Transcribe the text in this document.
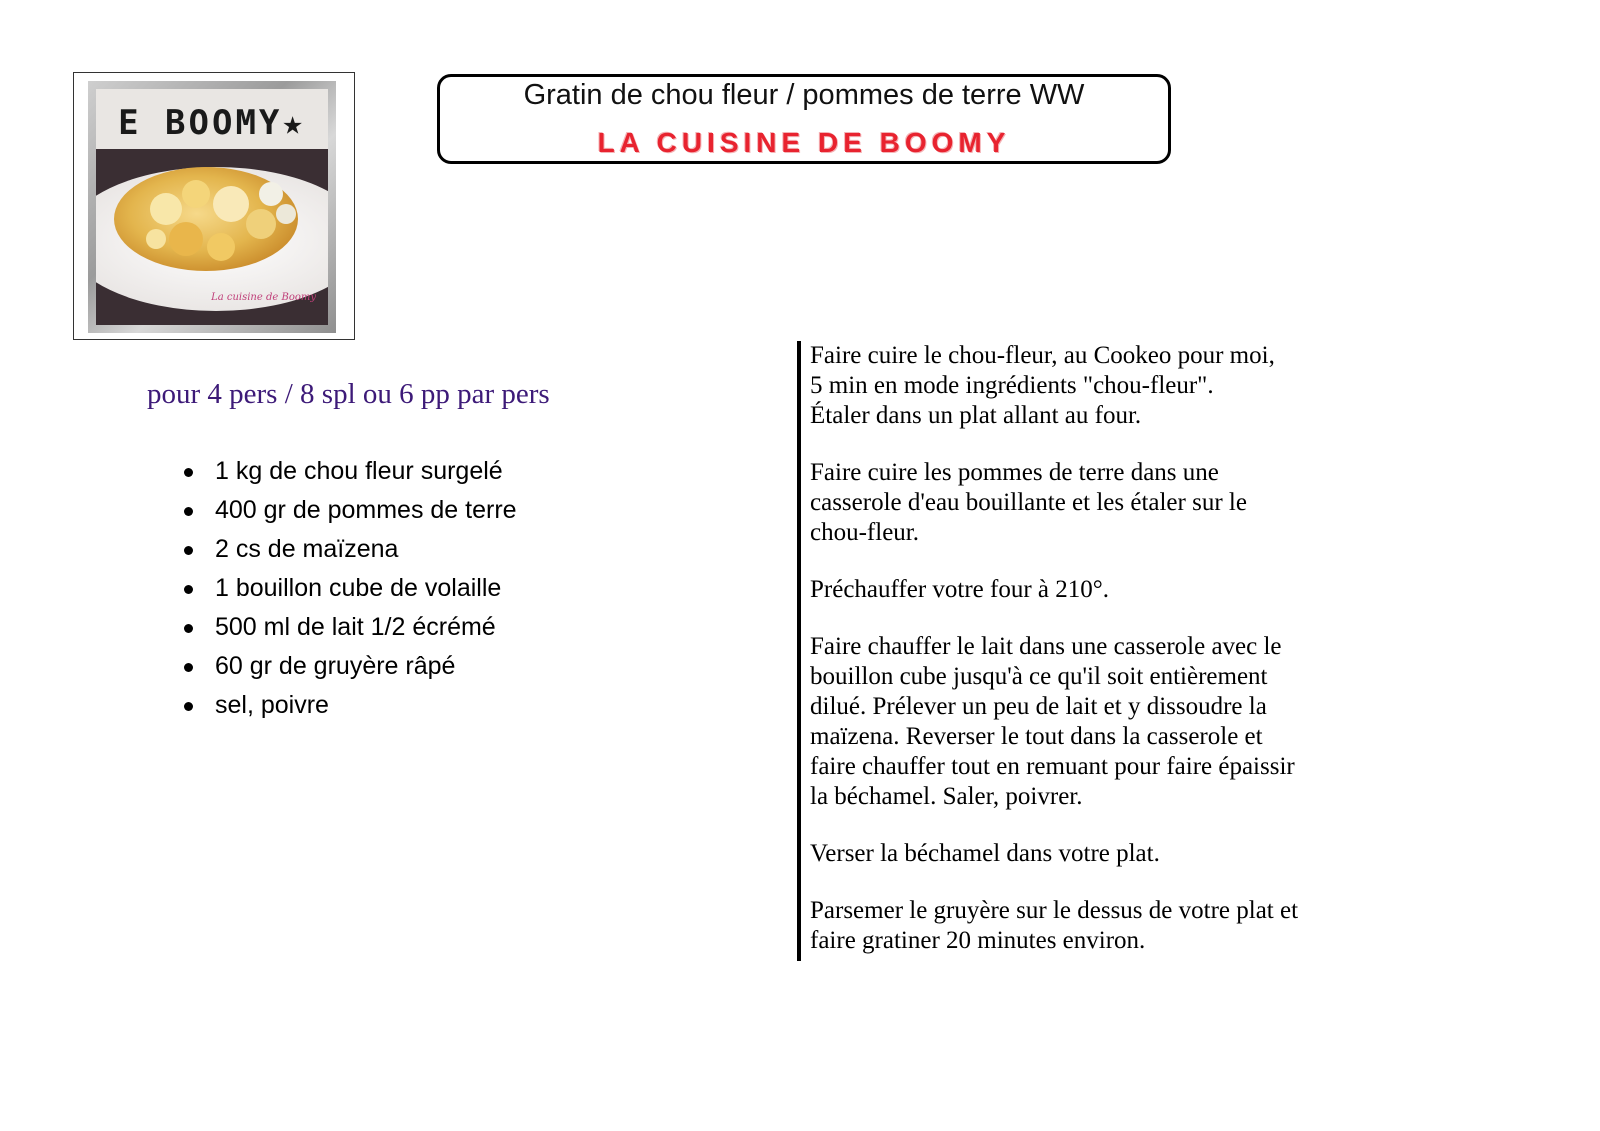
E BOOMY★
La cuisine de Boomy
Gratin de chou fleur / pommes de terre WW
LA CUISINE DE BOOMY
pour 4 pers / 8 spl ou 6 pp par pers
1 kg de chou fleur surgelé
400 gr de pommes de terre
2 cs de maïzena
1 bouillon cube de volaille
500 ml de lait 1/2 écrémé
60 gr de gruyère râpé
sel, poivre

Faire cuire le chou-fleur, au Cookeo pour moi,
5 min en mode ingrédients "chou-fleur".
Étaler dans un plat allant au four.

Faire cuire les pommes de terre dans une
casserole d'eau bouillante et les étaler sur le
chou-fleur.

Préchauffer votre four à 210°.

Faire chauffer le lait dans une casserole avec le
bouillon cube jusqu'à ce qu'il soit entièrement
dilué. Prélever un peu de lait et y dissoudre la
maïzena. Reverser le tout dans la casserole et
faire chauffer tout en remuant pour faire épaissir
la béchamel. Saler, poivrer.

Verser la béchamel dans votre plat.

Parsemer le gruyère sur le dessus de votre plat et
faire gratiner 20 minutes environ.
